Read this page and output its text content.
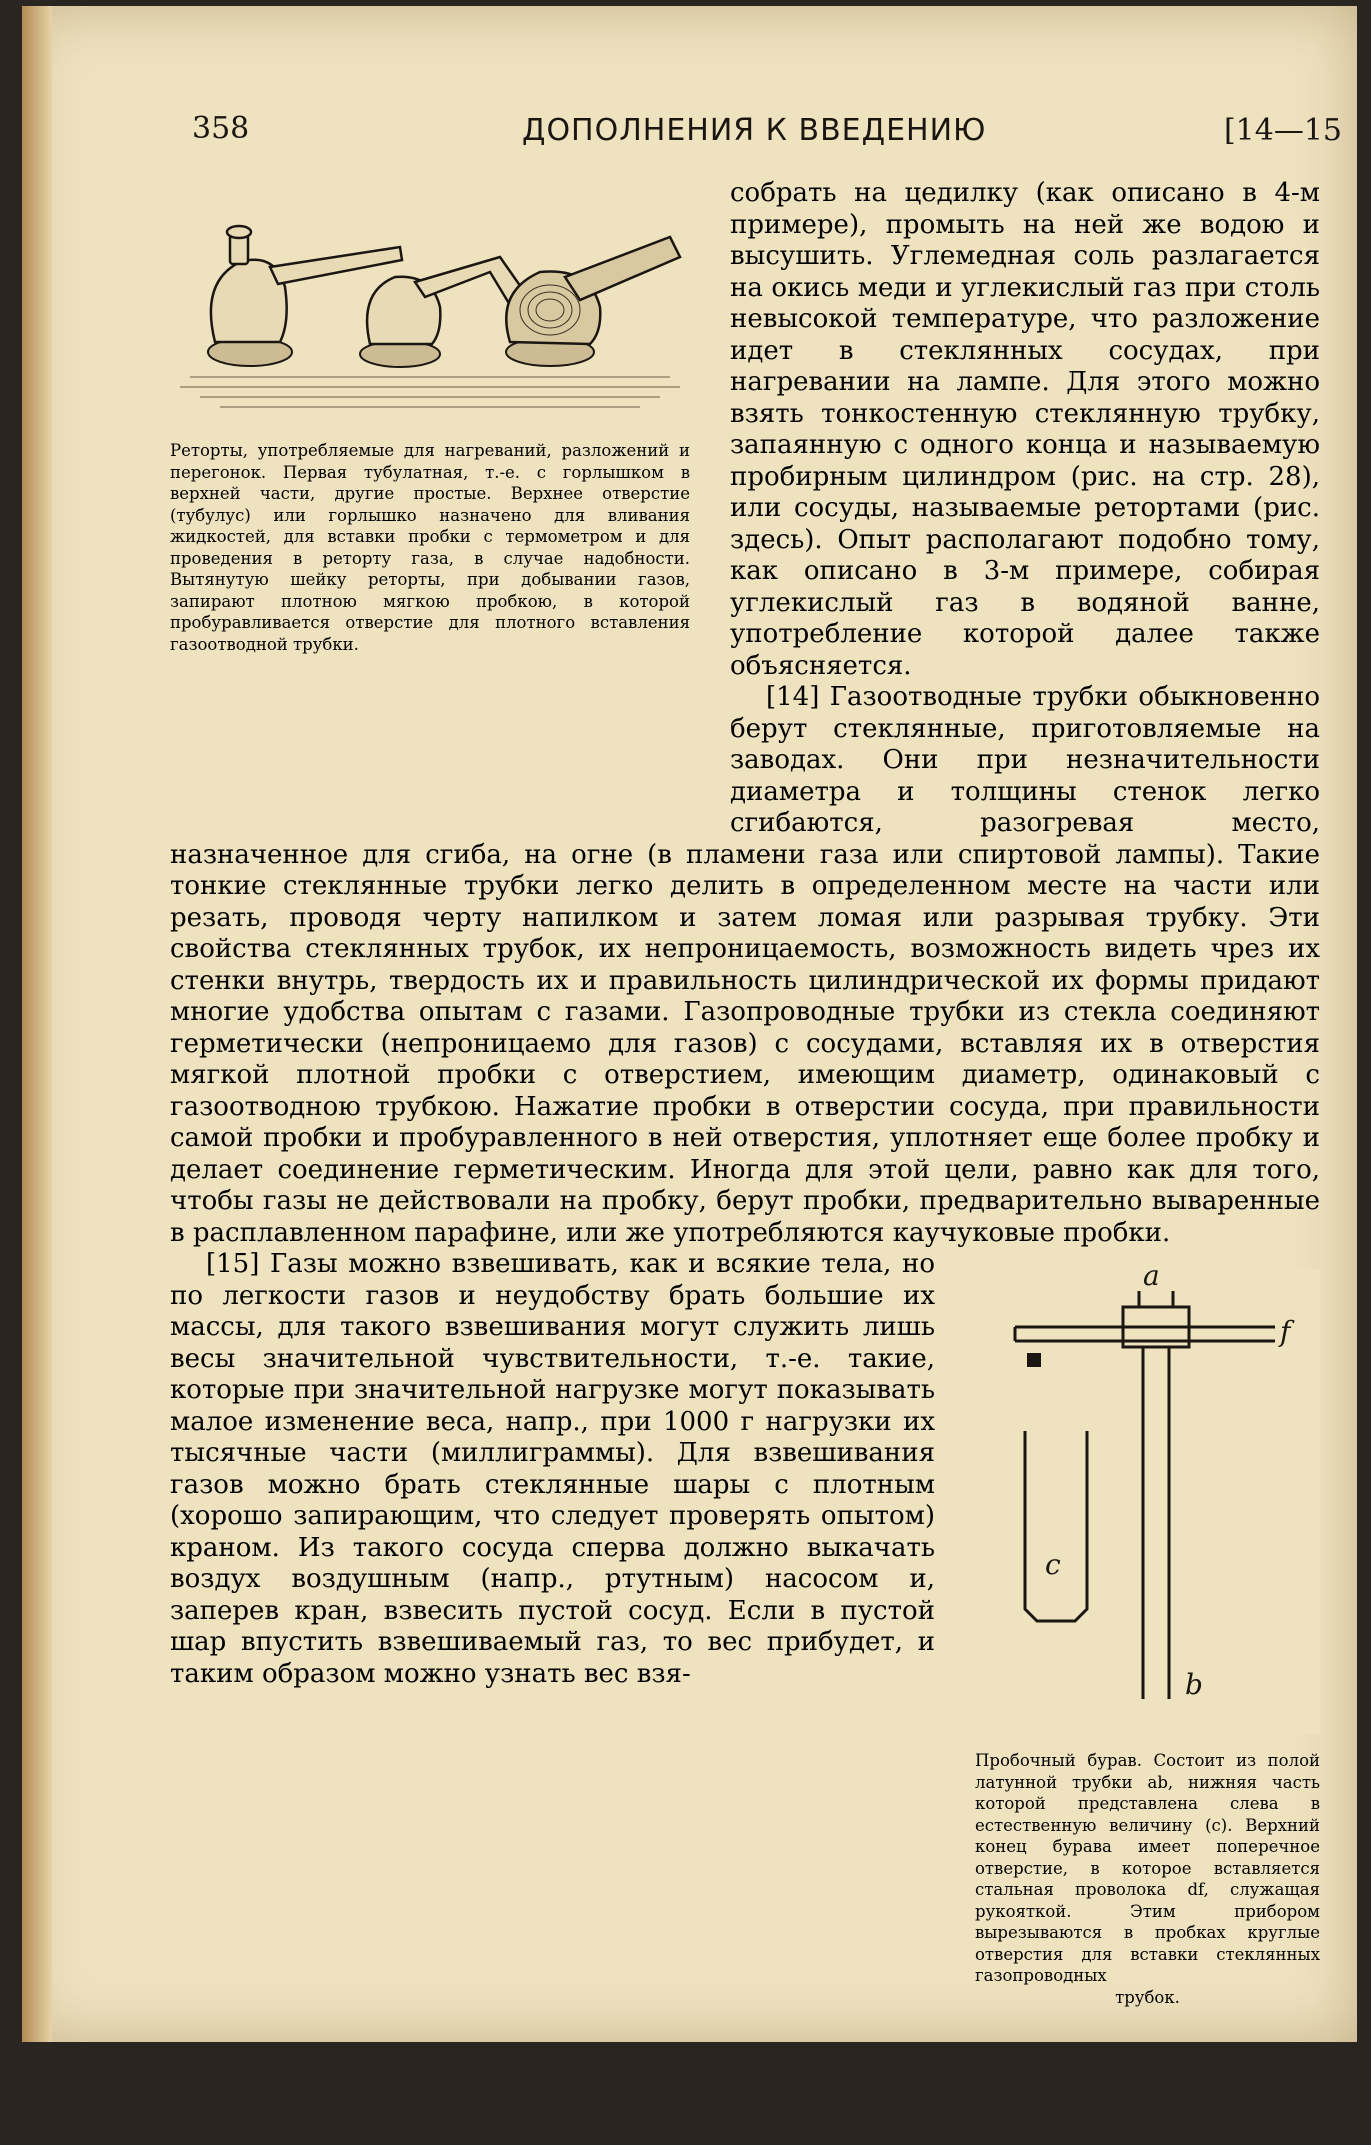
358	ДОПОЛНЕНИЯ К ВВЕДЕНИЮ	[14—15

Реторты, употребляемые для нагреваний, разложений и перегонок. Первая тубулатная, т.-е. с горлышком в верхней части, другие простые. Верхнее отверстие (тубулус) или горлышко назначено для вливания жидкостей, для вставки пробки с термометром и для проведения в реторту газа, в случае надобности. Вытянутую шейку реторты, при добывании газов, запирают плотною мягкою пробкою, в которой пробуравливается отверстие для плотного вставления газоотводной трубки.

собрать на цедилку (как описано в 4-м примере), промыть на ней же водою и высушить. Углемедная соль разлагается на окись меди и углекислый газ при столь невысокой температуре, что разложение идет в стеклянных сосудах, при нагревании на лампе. Для этого можно взять тонкостенную стеклянную трубку, запаянную с одного конца и называемую пробирным цилиндром (рис. на стр. 28), или сосуды, называемые ретортами (рис. здесь). Опыт располагают подобно тому, как описано в 3-м примере, собирая углекислый газ в водяной ванне, употребление которой далее также объясняется.

[14] Газоотводные трубки обыкновенно берут стеклянные, приготовляемые на заводах. Они при незначительности диаметра и толщины стенок легко сгибаются, разогревая место, назначенное для сгиба, на огне (в пламени газа или спиртовой лампы). Такие тонкие стеклянные трубки легко делить в определенном месте на части или резать, проводя черту напилком и затем ломая или разрывая трубку. Эти свойства стеклянных трубок, их непроницаемость, возможность видеть чрез их стенки внутрь, твердость их и правильность цилиндрической их формы придают многие удобства опытам с газами. Газопроводные трубки из стекла соединяют герметически (непроницаемо для газов) с сосудами, вставляя их в отверстия мягкой плотной пробки с отверстием, имеющим диаметр, одинаковый с газоотводною трубкою. Нажатие пробки в отверстии сосуда, при правильности самой пробки и пробуравленного в ней отверстия, уплотняет еще более пробку и делает соединение герметическим. Иногда для этой цели, равно как для того, чтобы газы не действовали на пробку, берут пробки, предварительно вываренные в расплавленном парафине, или же употребляются каучуковые пробки.

a
f
c
b

Пробочный бурав. Состоит из полой латунной трубки ab, нижняя часть которой представлена слева в естественную величину (c). Верхний конец бурава имеет поперечное отверстие, в которое вставляется стальная проволока df, служащая рукояткой. Этим прибором вырезываются в пробках круглые отверстия для вставки стеклянных газопроводных
трубок.

[15] Газы можно взвешивать, как и всякие тела, но по легкости газов и неудобству брать большие их массы, для такого взвешивания могут служить лишь весы значительной чувствительности, т.-е. такие, которые при значительной нагрузке могут показывать малое изменение веса, напр., при 1000 г нагрузки их тысячные части (миллиграммы). Для взвешивания газов можно брать стеклянные шары с плотным (хорошо запирающим, что следует проверять опытом) краном. Из такого сосуда сперва должно выкачать воздух воздушным (напр., ртутным) насосом и, заперев кран, взвесить пустой сосуд. Если в пустой шар впустить взвешиваемый газ, то вес прибудет, и таким образом можно узнать вес взя-
